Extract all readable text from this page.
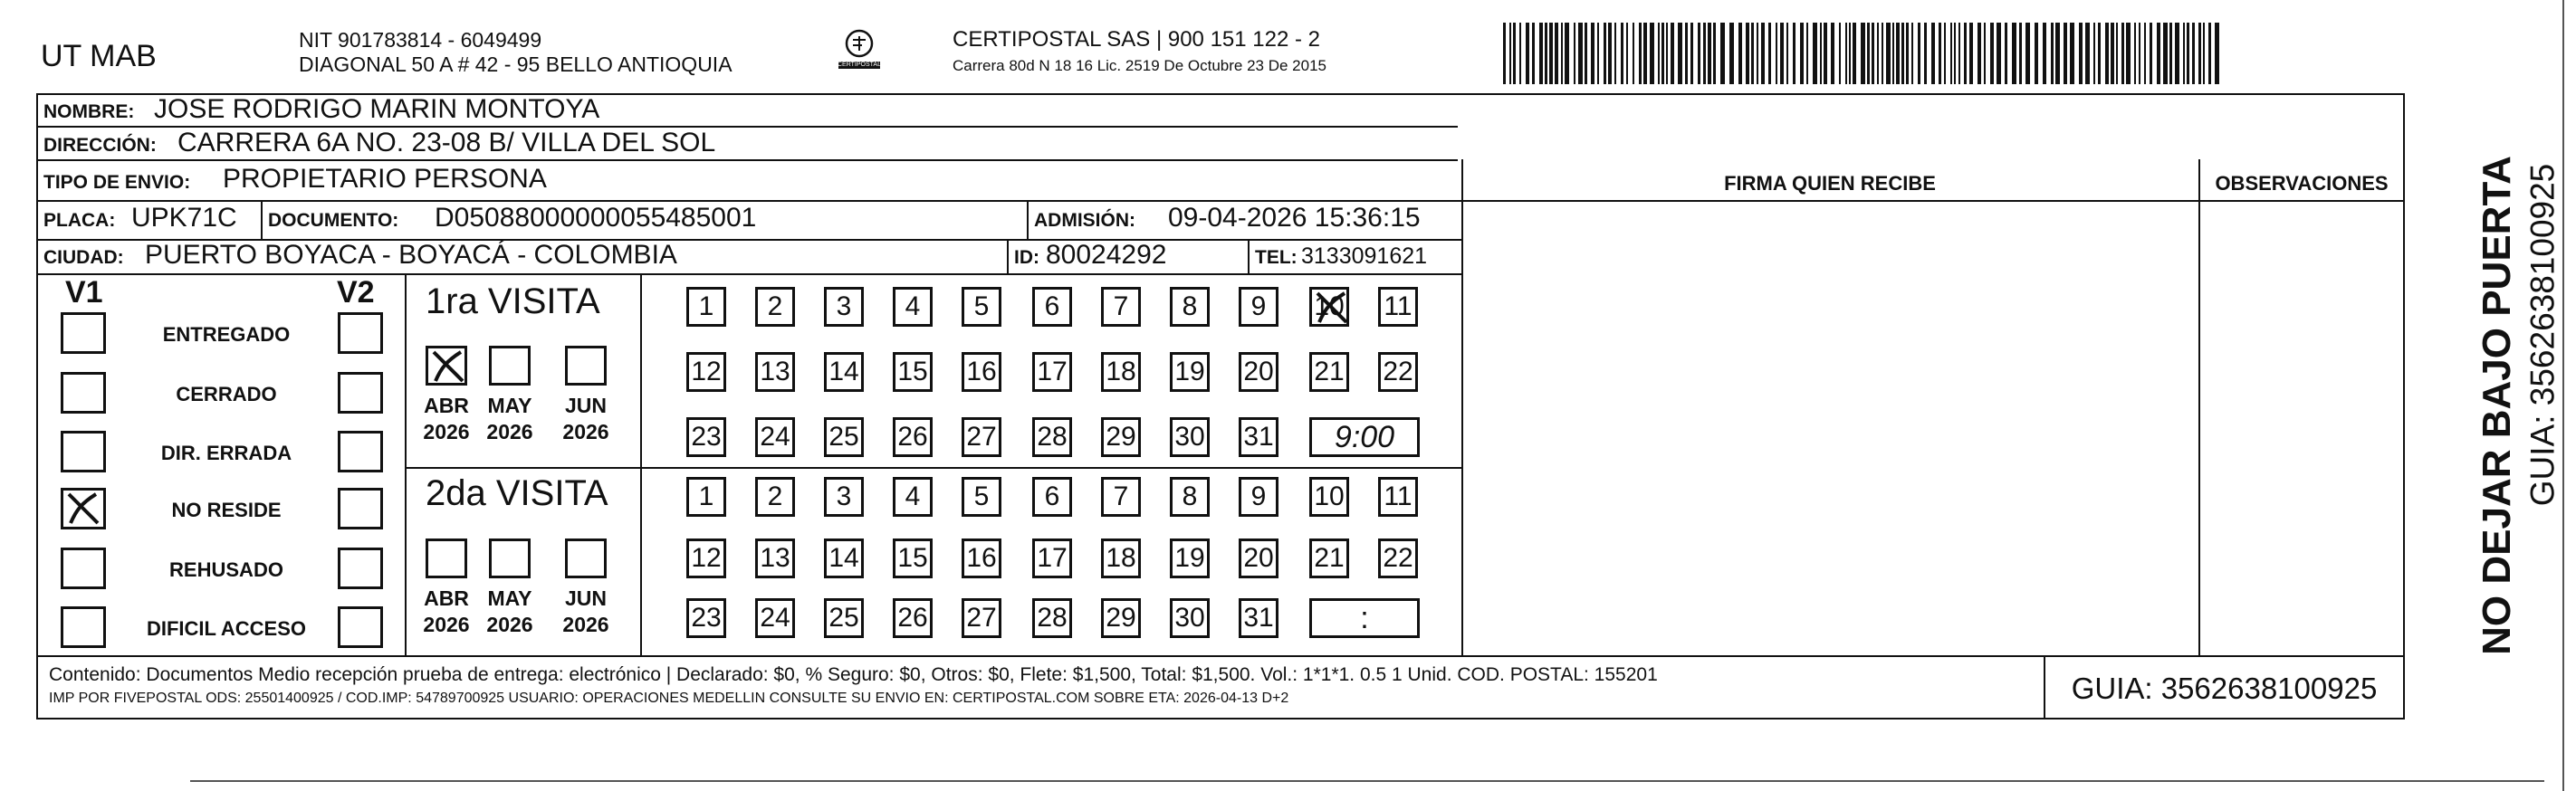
UT MAB	NIT 901783814 - 6049499
DIAGONAL 50 A # 42 - 95 BELLO ANTIOQUIA	CERTIPOSTAL
CERTIPOSTAL SAS | 900 151 122 - 2
Carrera 80d N 18 16 Lic. 2519 De Octubre 23 De 2015
NOMBRE: JOSE RODRIGO MARIN MONTOYA
DIRECCIÓN: CARRERA 6A NO. 23-08 B/ VILLA DEL SOL
TIPO DE ENVIO: PROPIETARIO PERSONA
PLACA: UPK71C DOCUMENTO: D05088000000055485001	ADMISIÓN: 09-04-2026 15:36:15
CIUDAD: PUERTO BOYACA - BOYACÁ - COLOMBIA	ID: 80024292	TEL: 3133091621
FIRMA QUIEN RECIBE	OBSERVACIONES
V1	V2 1ra VISITA
2da VISITA
Contenido: Documentos Medio recepción prueba de entrega: electrónico | Declarado: $0, % Seguro: $0, Otros: $0, Flete: $1,500, Total: $1,500. Vol.: 1*1*1. 0.5 1 Unid. COD. POSTAL: 155201
IMP POR FIVEPOSTAL ODS: 25501400925 / COD.IMP: 54789700925 USUARIO: OPERACIONES MEDELLIN CONSULTE SU ENVIO EN: CERTIPOSTAL.COM SOBRE ETA: 2026-04-13 D+2	GUIA: 3562638100925
NO DEJAR BAJO PUERTA GUIA: 3562638100925
ENTREGADO
CERRADO
DIR. ERRADA
NO RESIDE
REHUSADO
DIFICIL ACCESO
ABR
2026
MAY
2026
JUN
2026
ABR
2026
MAY
2026
JUN
2026
1	2	3	4	5	6	7	8	9	10 11
12 13 14 15 16 17 18 19 20 21 22
23 24 25 26 27 28 29 30 31	9:00
1	2	3	4	5	6	7	8	9	10 11
12 13 14 15 16 17 18 19 20 21 22
23 24 25 26 27 28 29 30 31	:
